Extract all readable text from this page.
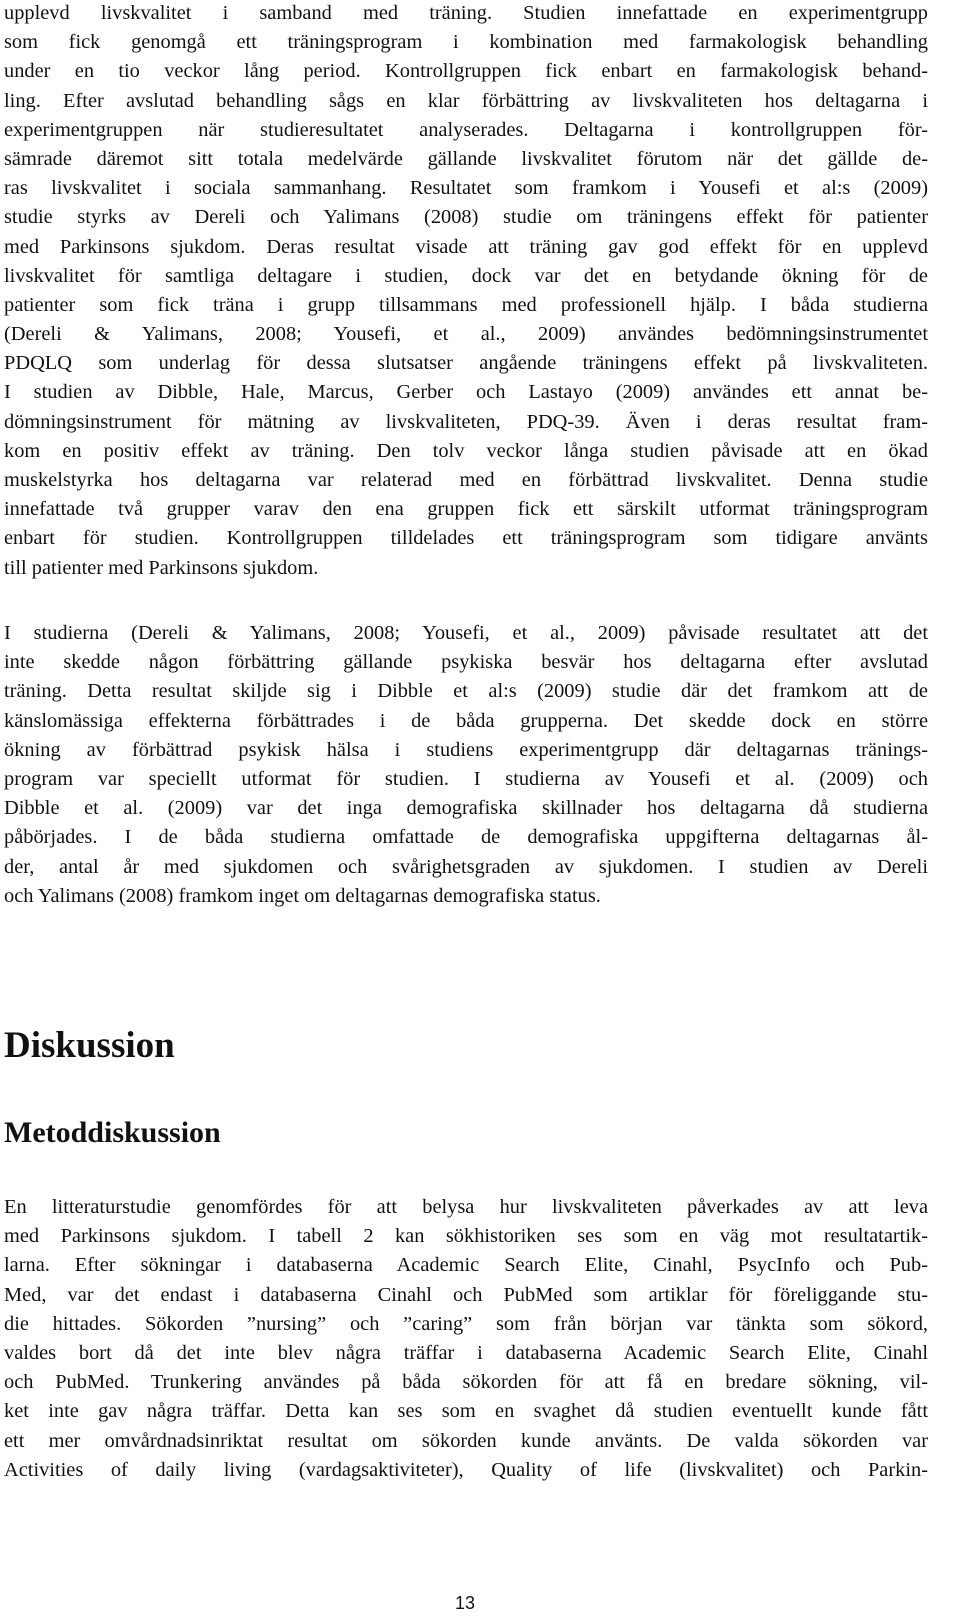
upplevd livskvalitet i samband med träning. Studien innefattade en experimentgrupp
som fick genomgå ett träningsprogram i kombination med farmakologisk behandling
under en tio veckor lång period. Kontrollgruppen fick enbart en farmakologisk behand-
ling. Efter avslutad behandling sågs en klar förbättring av livskvaliteten hos deltagarna i
experimentgruppen när studieresultatet analyserades. Deltagarna i kontrollgruppen för-
sämrade däremot sitt totala medelvärde gällande livskvalitet förutom när det gällde de-
ras livskvalitet i sociala sammanhang. Resultatet som framkom i Yousefi et al:s (2009)
studie styrks av Dereli och Yalimans (2008) studie om träningens effekt för patienter
med Parkinsons sjukdom. Deras resultat visade att träning gav god effekt för en upplevd
livskvalitet för samtliga deltagare i studien, dock var det en betydande ökning för de
patienter som fick träna i grupp tillsammans med professionell hjälp. I båda studierna
(Dereli & Yalimans, 2008; Yousefi, et al., 2009) användes bedömningsinstrumentet
PDQLQ som underlag för dessa slutsatser angående träningens effekt på livskvaliteten.
I studien av Dibble, Hale, Marcus, Gerber och Lastayo (2009) användes ett annat be-
dömningsinstrument för mätning av livskvaliteten, PDQ-39. Även i deras resultat fram-
kom en positiv effekt av träning. Den tolv veckor långa studien påvisade att en ökad
muskelstyrka hos deltagarna var relaterad med en förbättrad livskvalitet. Denna studie
innefattade två grupper varav den ena gruppen fick ett särskilt utformat träningsprogram
enbart för studien. Kontrollgruppen tilldelades ett träningsprogram som tidigare använts
till patienter med Parkinsons sjukdom.
I studierna (Dereli & Yalimans, 2008; Yousefi, et al., 2009) påvisade resultatet att det
inte skedde någon förbättring gällande psykiska besvär hos deltagarna efter avslutad
träning. Detta resultat skiljde sig i Dibble et al:s (2009) studie där det framkom att de
känslomässiga effekterna förbättrades i de båda grupperna. Det skedde dock en större
ökning av förbättrad psykisk hälsa i studiens experimentgrupp där deltagarnas tränings-
program var speciellt utformat för studien. I studierna av Yousefi et al. (2009) och
Dibble et al. (2009) var det inga demografiska skillnader hos deltagarna då studierna
påbörjades. I de båda studierna omfattade de demografiska uppgifterna deltagarnas ål-
der, antal år med sjukdomen och svårighetsgraden av sjukdomen. I studien av Dereli
och Yalimans (2008) framkom inget om deltagarnas demografiska status.
Diskussion
Metoddiskussion
En litteraturstudie genomfördes för att belysa hur livskvaliteten påverkades av att leva
med Parkinsons sjukdom. I tabell 2 kan sökhistoriken ses som en väg mot resultatartik-
larna. Efter sökningar i databaserna Academic Search Elite, Cinahl, PsycInfo och Pub-
Med, var det endast i databaserna Cinahl och PubMed som artiklar för föreliggande stu-
die hittades. Sökorden ”nursing” och ”caring” som från början var tänkta som sökord,
valdes bort då det inte blev några träffar i databaserna Academic Search Elite, Cinahl
och PubMed. Trunkering användes på båda sökorden för att få en bredare sökning, vil-
ket inte gav några träffar. Detta kan ses som en svaghet då studien eventuellt kunde fått
ett mer omvårdnadsinriktat resultat om sökorden kunde använts. De valda sökorden var
Activities of daily living (vardagsaktiviteter), Quality of life (livskvalitet) och Parkin-
13
